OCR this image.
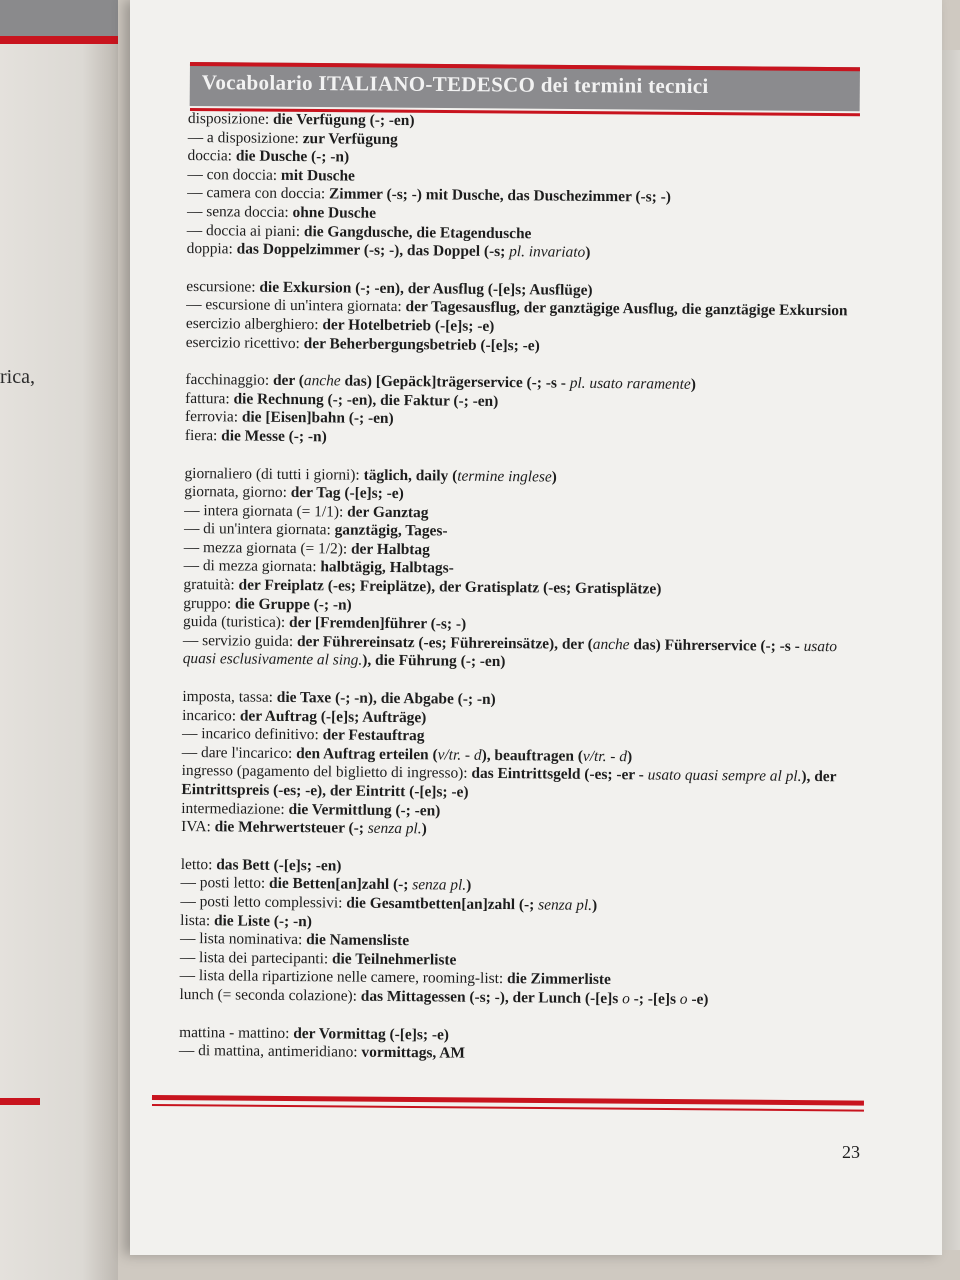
rica,
Vocabolario ITALIANO-TEDESCO dei termini tecnici

disposizione: die Verfügung (-; -en)

— a disposizione: zur Verfügung

doccia: die Dusche (-; -n)

— con doccia: mit Dusche

— camera con doccia: Zimmer (-s; -) mit Dusche, das Duschezimmer (-s; -)

— senza doccia: ohne Dusche

— doccia ai piani: die Gangdusche, die Etagendusche

doppia: das Doppelzimmer (-s; -), das Doppel (-s; pl. invariato)

escursione: die Exkursion (-; -en), der Ausflug (-[e]s; Ausflüge)

— escursione di un'intera giornata: der Tagesausflug, der ganztägige Ausflug, die ganztägige Exkursion

esercizio alberghiero: der Hotelbetrieb (-[e]s; -e)

esercizio ricettivo: der Beherbergungsbetrieb (-[e]s; -e)

facchinaggio: der (anche das) [Gepäck]trägerservice (-; -s - pl. usato raramente)

fattura: die Rechnung (-; -en), die Faktur (-; -en)

ferrovia: die [Eisen]bahn (-; -en)

fiera: die Messe (-; -n)

giornaliero (di tutti i giorni): täglich, daily (termine inglese)

giornata, giorno: der Tag (-[e]s; -e)

— intera giornata (= 1/1): der Ganztag

— di un'intera giornata: ganztägig, Tages-

— mezza giornata (= 1/2): der Halbtag

— di mezza giornata: halbtägig, Halbtags-

gratuità: der Freiplatz (-es; Freiplätze), der Gratisplatz (-es; Gratisplätze)

gruppo: die Gruppe (-; -n)

guida (turistica): der [Fremden]führer (-s; -)

— servizio guida: der Führereinsatz (-es; Führereinsätze), der (anche das) Führerservice (-; -s - usato quasi esclusivamente al sing.), die Führung (-; -en)

imposta, tassa: die Taxe (-; -n), die Abgabe (-; -n)

incarico: der Auftrag (-[e]s; Aufträge)

— incarico definitivo: der Festauftrag

— dare l'incarico: den Auftrag erteilen (v/tr. - d), beauftragen (v/tr. - d)

ingresso (pagamento del biglietto di ingresso): das Eintrittsgeld (-es; -er - usato quasi sempre al pl.), der Eintrittspreis (-es; -e), der Eintritt (-[e]s; -e)

intermediazione: die Vermittlung (-; -en)

IVA: die Mehrwertsteuer (-; senza pl.)

letto: das Bett (-[e]s; -en)

— posti letto: die Betten[an]zahl (-; senza pl.)

— posti letto complessivi: die Gesamtbetten[an]zahl (-; senza pl.)

lista: die Liste (-; -n)

— lista nominativa: die Namensliste

— lista dei partecipanti: die Teilnehmerliste

— lista della ripartizione nelle camere, rooming-list: die Zimmerliste

lunch (= seconda colazione): das Mittagessen (-s; -), der Lunch (-[e]s o -; -[e]s o -e)

mattina - mattino: der Vormittag (-[e]s; -e)

— di mattina, antimeridiano: vormittags, AM

23
